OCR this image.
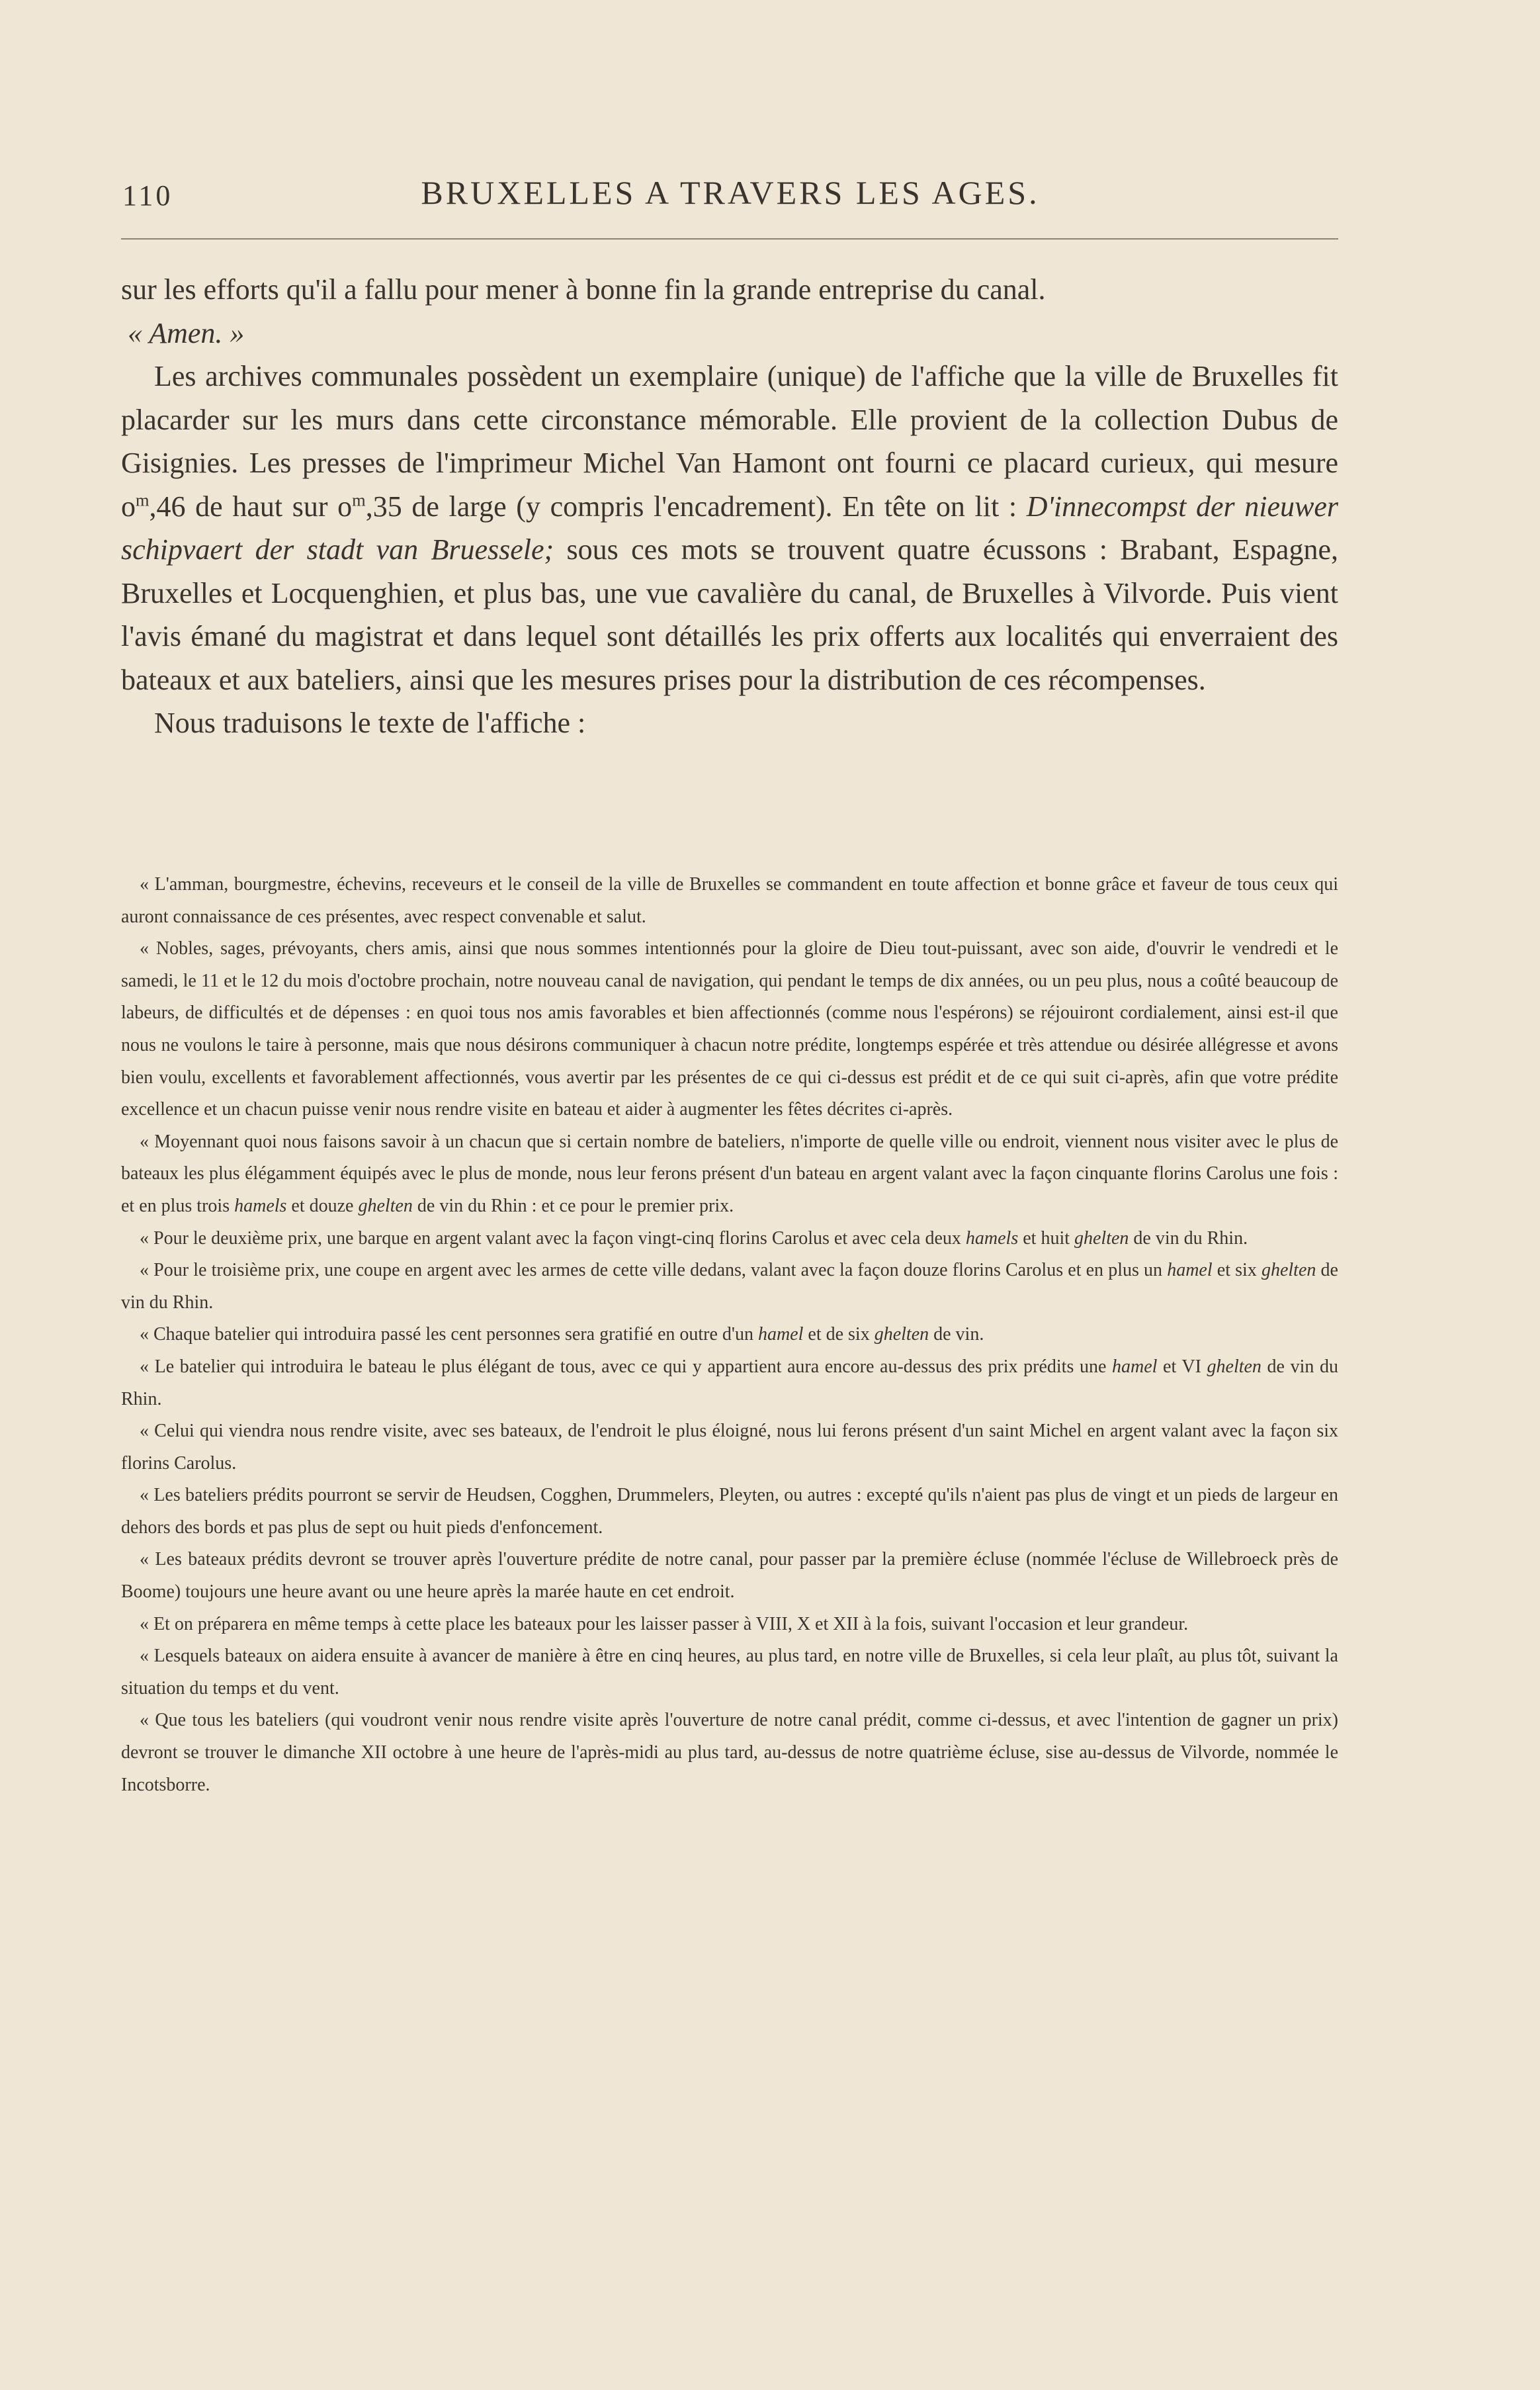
110	BRUXELLES A TRAVERS LES AGES.

sur les efforts qu'il a fallu pour mener à bonne fin la grande entreprise du canal.

« Amen. »

Les archives communales possèdent un exemplaire (unique) de l'affiche que la ville de Bruxelles fit placarder sur les murs dans cette circonstance mémorable. Elle provient de la collection Dubus de Gisignies. Les presses de l'imprimeur Michel Van Hamont ont fourni ce placard curieux, qui mesure $o^m,46$ de haut sur $o^m,35$ de large (y compris l'encadrement). En tête on lit : D'innecompst der nieuwer schipvaert der stadt van Bruessele; sous ces mots se trouvent quatre écussons : Brabant, Espagne, Bruxelles et Locquenghien, et plus bas, une vue cavalière du canal, de Bruxelles à Vilvorde. Puis vient l'avis émané du magistrat et dans lequel sont détaillés les prix offerts aux localités qui enverraient des bateaux et aux bateliers, ainsi que les mesures prises pour la distribution de ces récompenses.

Nous traduisons le texte de l'affiche :

« L'amman, bourgmestre, échevins, receveurs et le conseil de la ville de Bruxelles se commandent en toute affection et bonne grâce et faveur de tous ceux qui auront connaissance de ces présentes, avec respect convenable et salut.

« Nobles, sages, prévoyants, chers amis, ainsi que nous sommes intentionnés pour la gloire de Dieu tout-puissant, avec son aide, d'ouvrir le vendredi et le samedi, le 11 et le 12 du mois d'octobre prochain, notre nouveau canal de navigation, qui pendant le temps de dix années, ou un peu plus, nous a coûté beaucoup de labeurs, de difficultés et de dépenses : en quoi tous nos amis favorables et bien affectionnés (comme nous l'espérons) se réjouiront cordialement, ainsi est-il que nous ne voulons le taire à personne, mais que nous désirons communiquer à chacun notre prédite, longtemps espérée et très attendue ou désirée allégresse et avons bien voulu, excellents et favorablement affectionnés, vous avertir par les présentes de ce qui ci-dessus est prédit et de ce qui suit ci-après, afin que votre prédite excellence et un chacun puisse venir nous rendre visite en bateau et aider à augmenter les fêtes décrites ci-après.

« Moyennant quoi nous faisons savoir à un chacun que si certain nombre de bateliers, n'importe de quelle ville ou endroit, viennent nous visiter avec le plus de bateaux les plus élégamment équipés avec le plus de monde, nous leur ferons présent d'un bateau en argent valant avec la façon cinquante florins Carolus une fois : et en plus trois hamels et douze ghelten de vin du Rhin : et ce pour le premier prix.

« Pour le deuxième prix, une barque en argent valant avec la façon vingt-cinq florins Carolus et avec cela deux hamels et huit ghelten de vin du Rhin.

« Pour le troisième prix, une coupe en argent avec les armes de cette ville dedans, valant avec la façon douze florins Carolus et en plus un hamel et six ghelten de vin du Rhin.

« Chaque batelier qui introduira passé les cent personnes sera gratifié en outre d'un hamel et de six ghelten de vin.

« Le batelier qui introduira le bateau le plus élégant de tous, avec ce qui y appartient aura encore au-dessus des prix prédits une hamel et VI ghelten de vin du Rhin.

« Celui qui viendra nous rendre visite, avec ses bateaux, de l'endroit le plus éloigné, nous lui ferons présent d'un saint Michel en argent valant avec la façon six florins Carolus.

« Les bateliers prédits pourront se servir de Heudsen, Cogghen, Drummelers, Pleyten, ou autres : excepté qu'ils n'aient pas plus de vingt et un pieds de largeur en dehors des bords et pas plus de sept ou huit pieds d'enfoncement.

« Les bateaux prédits devront se trouver après l'ouverture prédite de notre canal, pour passer par la première écluse (nommée l'écluse de Willebroeck près de Boome) toujours une heure avant ou une heure après la marée haute en cet endroit.

« Et on préparera en même temps à cette place les bateaux pour les laisser passer à VIII, X et XII à la fois, suivant l'occasion et leur grandeur.

« Lesquels bateaux on aidera ensuite à avancer de manière à être en cinq heures, au plus tard, en notre ville de Bruxelles, si cela leur plaît, au plus tôt, suivant la situation du temps et du vent.

« Que tous les bateliers (qui voudront venir nous rendre visite après l'ouverture de notre canal prédit, comme ci-dessus, et avec l'intention de gagner un prix) devront se trouver le dimanche XII octobre à une heure de l'après-midi au plus tard, au-dessus de notre quatrième écluse, sise au-dessus de Vilvorde, nommée le Incotsborre.
